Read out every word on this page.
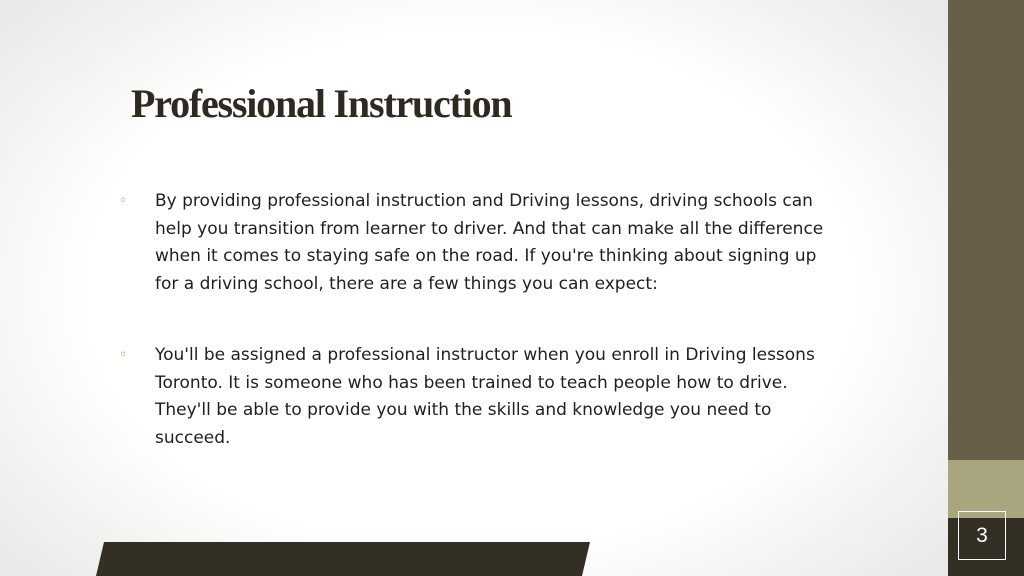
3
Professional Instruction
◦ By providing professional instruction and Driving lessons, driving schools can help you transition from learner to driver. And that can make all the difference when it comes to staying safe on the road. If you're thinking about signing up for a driving school, there are a few things you can expect:
◦ You'll be assigned a professional instructor when you enroll in Driving lessons Toronto. It is someone who has been trained to teach people how to drive. They'll be able to provide you with the skills and knowledge you need to succeed.
